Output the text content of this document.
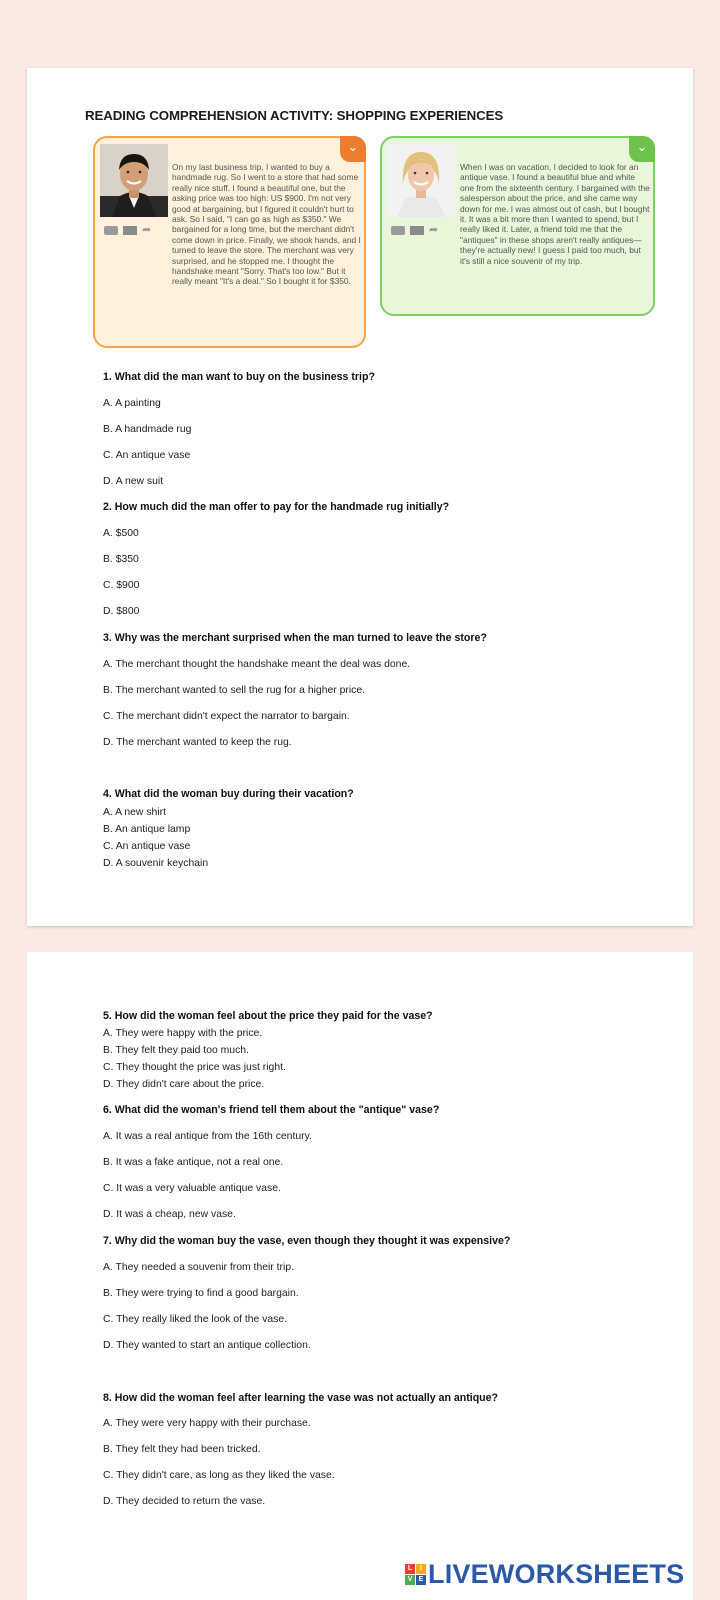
READING COMPREHENSION ACTIVITY: SHOPPING EXPERIENCES
⌄
➦
On my last business trip, I wanted to buy a handmade rug. So I went to a store that had some really nice stuff. I found a beautiful one, but the asking price was too high: US $900. I'm not very good at bargaining, but I figured it couldn't hurt to ask. So I said, "I can go as high as $350." We bargained for a long time, but the merchant didn't come down in price. Finally, we shook hands, and I turned to leave the store. The merchant was very surprised, and he stopped me. I thought the handshake meant "Sorry. That's too low." But it really meant "It's a deal." So I bought it for $350.
⌄
➦
When I was on vacation, I decided to look for an antique vase. I found a beautiful blue and white one from the sixteenth century. I bargained with the salesperson about the price, and she came way down for me. I was almost out of cash, but I bought it. It was a bit more than I wanted to spend, but I really liked it. Later, a friend told me that the "antiques" in these shops aren't really antiques—they're actually new! I guess I paid too much, but it's still a nice souvenir of my trip.
1. What did the man want to buy on the business trip?
A. A painting
B. A handmade rug
C. An antique vase
D. A new suit
2. How much did the man offer to pay for the handmade rug initially?
A. $500
B. $350
C. $900
D. $800
3. Why was the merchant surprised when the man turned to leave the store?
A. The merchant thought the handshake meant the deal was done.
B. The merchant wanted to sell the rug for a higher price.
C. The merchant didn't expect the narrator to bargain.
D. The merchant wanted to keep the rug.
4. What did the woman buy during their vacation?
A. A new shirt
B. An antique lamp
C. An antique vase
D. A souvenir keychain
5. How did the woman feel about the price they paid for the vase?
A. They were happy with the price.
B. They felt they paid too much.
C. They thought the price was just right.
D. They didn't care about the price.
6. What did the woman's friend tell them about the "antique" vase?
A. It was a real antique from the 16th century.
B. It was a fake antique, not a real one.
C. It was a very valuable antique vase.
D. It was a cheap, new vase.
7. Why did the woman buy the vase, even though they thought it was expensive?
A. They needed a souvenir from their trip.
B. They were trying to find a good bargain.
C. They really liked the look of the vase.
D. They wanted to start an antique collection.
8. How did the woman feel after learning the vase was not actually an antique?
A. They were very happy with their purchase.
B. They felt they had been tricked.
C. They didn't care, as long as they liked the vase.
D. They decided to return the vase.
L	I
V E LIVEWORKSHEETS
